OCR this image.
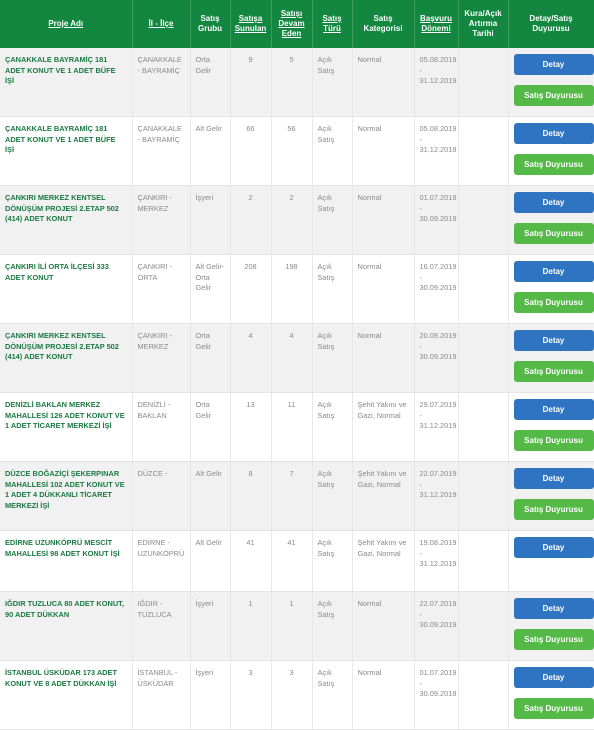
Proje Adı	İl - İlçe	Satış Grubu	Satışa Sunulan	Satışı Devam Eden	Satış Türü	Satış Kategorisi	Başvuru Dönemi	Kura/Açık Artırma Tarihi	Detay/Satış Duyurusu
ÇANAKKALE BAYRAMİÇ 181 ADET KONUT VE 1 ADET BÜFE İŞİ	ÇANAKKALE - BAYRAMİÇ	Orta Gelir	9	5	Açık Satış	Normal	05.08.2019 - 31.12.2019		Detay
Satış Duyurusu

ÇANAKKALE BAYRAMİÇ 181 ADET KONUT VE 1 ADET BÜFE İŞİ	ÇANAKKALE - BAYRAMİÇ	Alt Gelir	66	56	Açık Satış	Normal	05.08.2019 - 31.12.2019		Detay
Satış Duyurusu

ÇANKIRI MERKEZ KENTSEL DÖNÜŞÜM PROJESİ 2.ETAP 502 (414) ADET KONUT	ÇANKIRI - MERKEZ	İşyeri	2	2	Açık Satış	Normal	01.07.2019 - 30.09.2019		Detay
Satış Duyurusu

ÇANKIRI İLİ ORTA İLÇESİ 333 ADET KONUT	ÇANKIRI - ORTA	Alt Gelir-Orta Gelir	208	198	Açık Satış	Normal	16.07.2019 - 30.09.2019		Detay
Satış Duyurusu

ÇANKIRI MERKEZ KENTSEL DÖNÜŞÜM PROJESİ 2.ETAP 502 (414) ADET KONUT	ÇANKIRI - MERKEZ	Orta Gelir	4	4	Açık Satış	Normal	20.08.2019 - 30.09.2019		Detay
Satış Duyurusu

DENİZLİ BAKLAN MERKEZ MAHALLESİ 126 ADET KONUT VE 1 ADET TİCARET MERKEZİ İŞİ	DENİZLİ - BAKLAN	Orta Gelir	13	11	Açık Satış	Şehit Yakını ve Gazi, Normal	29.07.2019 - 31.12.2019		Detay
Satış Duyurusu

DÜZCE BOĞAZİÇİ ŞEKERPINAR MAHALLESİ 102 ADET KONUT VE 1 ADET 4 DÜKKANLI TİCARET MERKEZİ İŞİ	DÜZCE -	Alt Gelir	8	7	Açık Satış	Şehit Yakını ve Gazi, Normal	22.07.2019 - 31.12.2019		Detay
Satış Duyurusu

EDİRNE UZUNKÖPRÜ MESCİT MAHALLESİ 98 ADET KONUT İŞİ	EDİRNE - UZUNKÖPRÜ	Alt Gelir	41	41	Açık Satış	Şehit Yakını ve Gazi, Normal	19.08.2019 - 31.12.2019		Detay

IĞDIR TUZLUCA 80 ADET KONUT, 90 ADET DÜKKAN	IĞDIR - TUZLUCA	İşyeri	1	1	Açık Satış	Normal	22.07.2019 - 30.09.2019		Detay
Satış Duyurusu

İSTANBUL ÜSKÜDAR 173 ADET KONUT VE 8 ADET DÜKKAN İŞİ	İSTANBUL - ÜSKÜDAR	İşyeri	3	3	Açık Satış	Normal	01.07.2019 - 30.09.2019		Detay
Satış Duyurusu
